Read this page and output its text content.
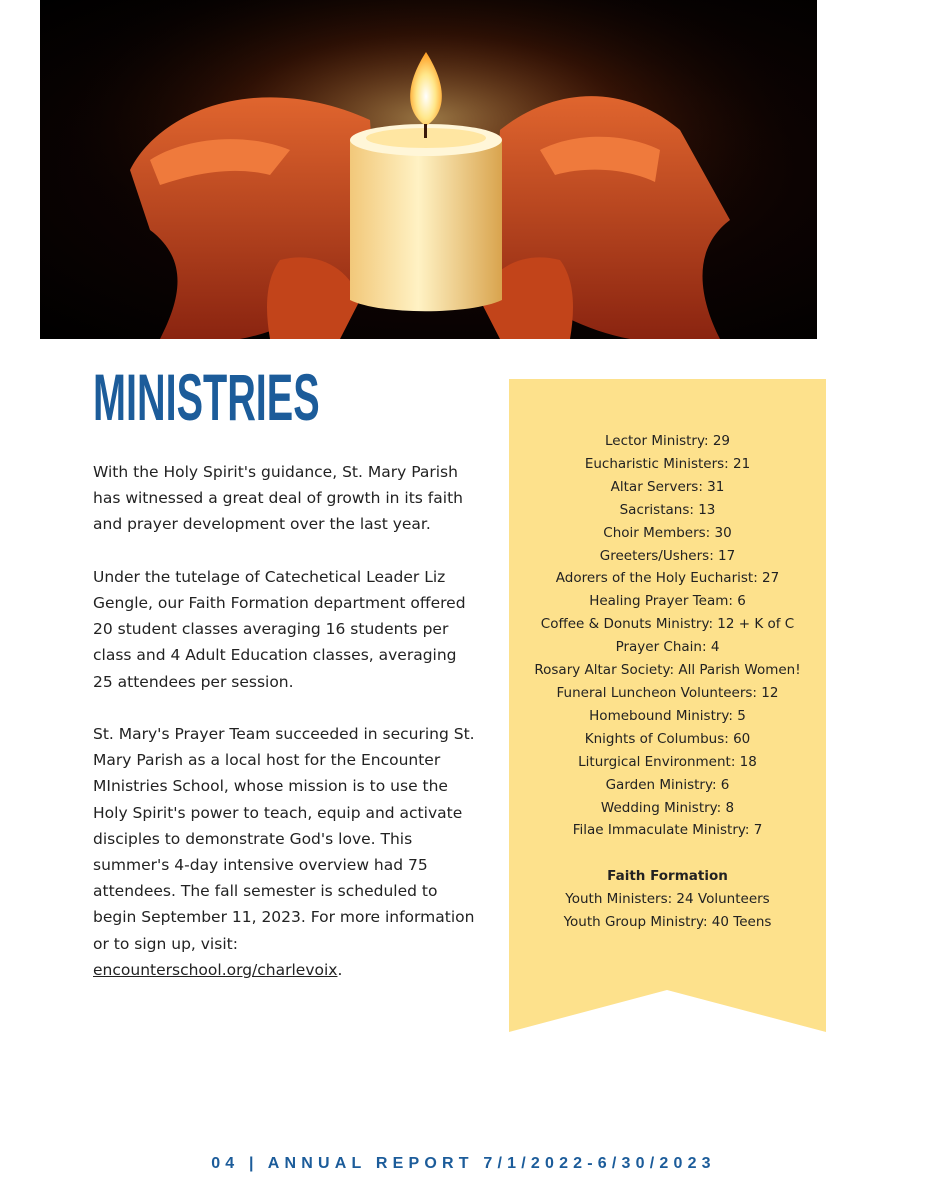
MINISTRIES

With the Holy Spirit's guidance, St. Mary Parish has witnessed a great deal of growth in its faith and prayer development over the last year.

Under the tutelage of Catechetical Leader Liz Gengle, our Faith Formation department offered 20 student classes averaging 16 students per class and 4 Adult Education classes, averaging 25 attendees per session.

St. Mary's Prayer Team succeeded in securing St. Mary Parish as a local host for the Encounter MInistries School, whose mission is to use the Holy Spirit's power to teach, equip and activate disciples to demonstrate God's love. This summer's 4-day intensive overview had 75 attendees. The fall semester is scheduled to begin September 11, 2023. For more information or to sign up, visit: encounterschool.org/charlevoix.

Lector Ministry: 29
Eucharistic Ministers: 21
Altar Servers: 31
Sacristans: 13
Choir Members: 30
Greeters/Ushers: 17
Adorers of the Holy Eucharist: 27
Healing Prayer Team: 6
Coffee & Donuts Ministry: 12 + K of C
Prayer Chain: 4
Rosary Altar Society: All Parish Women!
Funeral Luncheon Volunteers: 12
Homebound Ministry: 5
Knights of Columbus: 60
Liturgical Environment: 18
Garden Ministry: 6
Wedding Ministry: 8
Filae Immaculate Ministry: 7
Faith Formation
Youth Ministers: 24 Volunteers
Youth Group Ministry: 40 Teens
04 | ANNUAL REPORT 7/1/2022-6/30/2023
